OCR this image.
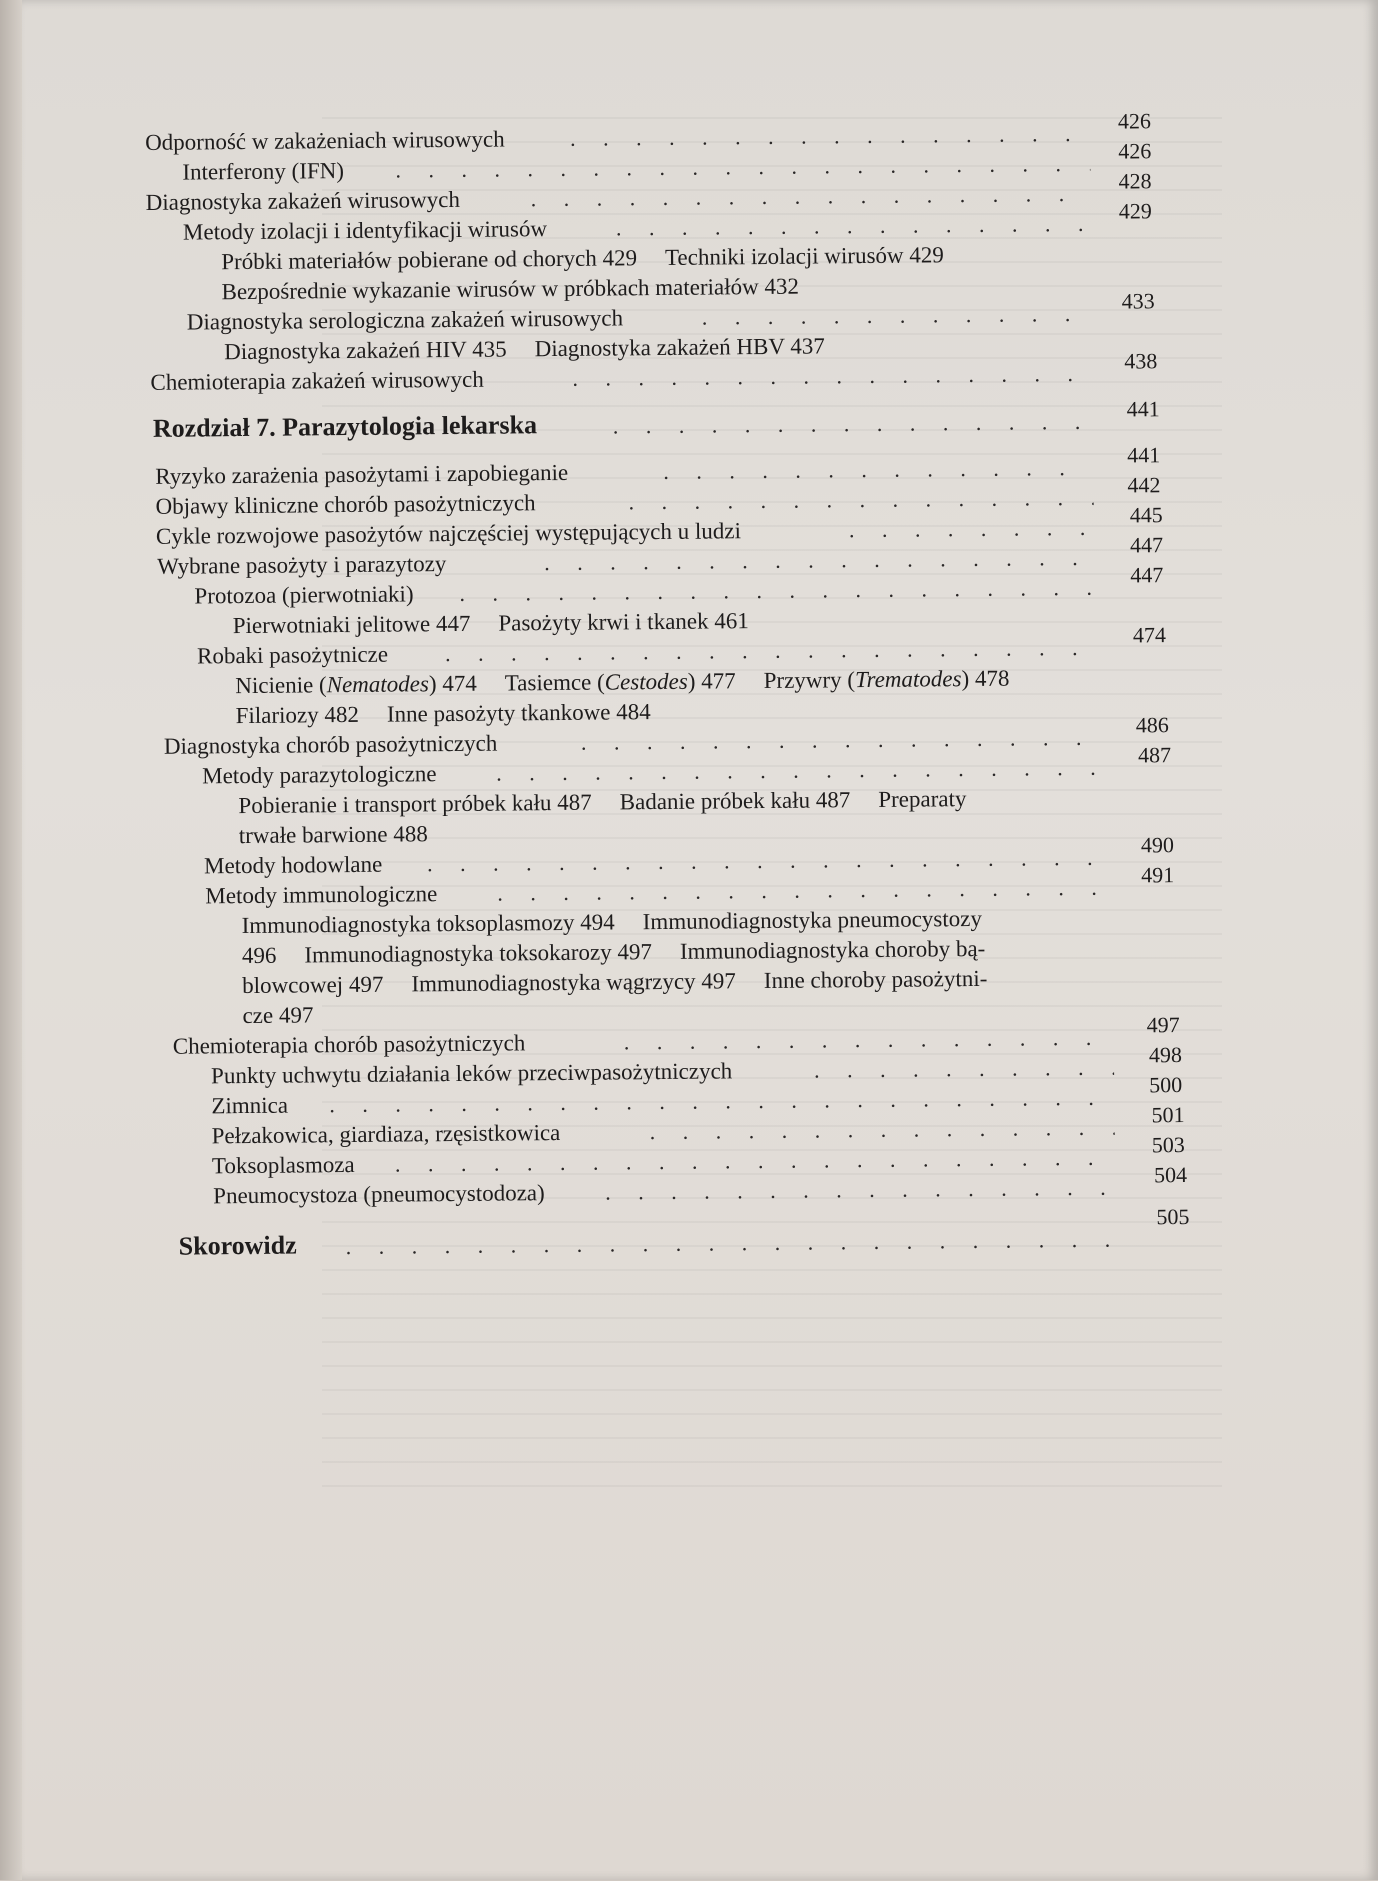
Odporność w zakażeniach wirusowych
.
426
Interferony (IFN)
.
426
Diagnostyka zakażeń wirusowych
.
428
Metody izolacji i identyfikacji wirusów
.
429
Próbki materiałów pobierane od chorych 429 Techniki izolacji wirusów 429
Bezpośrednie wykazanie wirusów w próbkach materiałów 432
Diagnostyka serologiczna zakażeń wirusowych
.
433
Diagnostyka zakażeń HIV 435 Diagnostyka zakażeń HBV 437
Chemioterapia zakażeń wirusowych
.
438
Rozdział 7. Parazytologia lekarska
.
441
Ryzyko zarażenia pasożytami i zapobieganie
.
441
Objawy kliniczne chorób pasożytniczych
.
442
Cykle rozwojowe pasożytów najczęściej występujących u ludzi
.
445
Wybrane pasożyty i parazytozy
.
447
Protozoa (pierwotniaki)
.
447
Pierwotniaki jelitowe 447 Pasożyty krwi i tkanek 461
Robaki pasożytnicze
.
474
Nicienie (Nematodes) 474 Tasiemce (Cestodes) 477 Przywry (Trematodes) 478
Filariozy 482 Inne pasożyty tkankowe 484
Diagnostyka chorób pasożytniczych
.
486
Metody parazytologiczne
.
487
Pobieranie i transport próbek kału 487 Badanie próbek kału 487 Preparaty
trwałe barwione 488
Metody hodowlane
.
490
Metody immunologiczne
.
491
Immunodiagnostyka toksoplasmozy 494 Immunodiagnostyka pneumocystozy
496 Immunodiagnostyka toksokarozy 497 Immunodiagnostyka choroby bą-
blowcowej 497 Immunodiagnostyka wągrzycy 497 Inne choroby pasożytni-
cze 497
Chemioterapia chorób pasożytniczych
.
497
Punkty uchwytu działania leków przeciwpasożytniczych
.
498
Zimnica
.
500
Pełzakowica, giardiaza, rzęsistkowica
.
501
Toksoplasmoza
.
503
Pneumocystoza (pneumocystodoza)
.
504
Skorowidz
.
505
